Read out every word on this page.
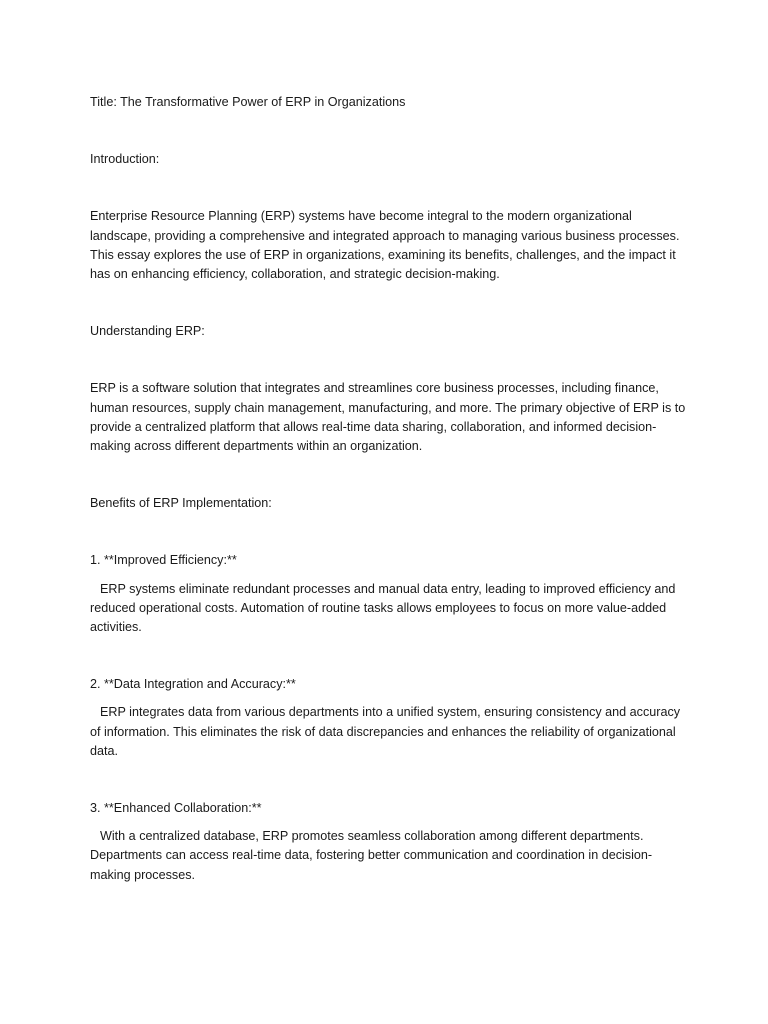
Title: The Transformative Power of ERP in Organizations

Introduction:

Enterprise Resource Planning (ERP) systems have become integral to the modern organizational landscape, providing a comprehensive and integrated approach to managing various business processes. This essay explores the use of ERP in organizations, examining its benefits, challenges, and the impact it has on enhancing efficiency, collaboration, and strategic decision-making.

Understanding ERP:

ERP is a software solution that integrates and streamlines core business processes, including finance, human resources, supply chain management, manufacturing, and more. The primary objective of ERP is to provide a centralized platform that allows real-time data sharing, collaboration, and informed decision-making across different departments within an organization.

Benefits of ERP Implementation:

1. **Improved Efficiency:**

ERP systems eliminate redundant processes and manual data entry, leading to improved efficiency and reduced operational costs. Automation of routine tasks allows employees to focus on more value-added activities.

2. **Data Integration and Accuracy:**

ERP integrates data from various departments into a unified system, ensuring consistency and accuracy of information. This eliminates the risk of data discrepancies and enhances the reliability of organizational data.

3. **Enhanced Collaboration:**

With a centralized database, ERP promotes seamless collaboration among different departments. Departments can access real-time data, fostering better communication and coordination in decision-making processes.
